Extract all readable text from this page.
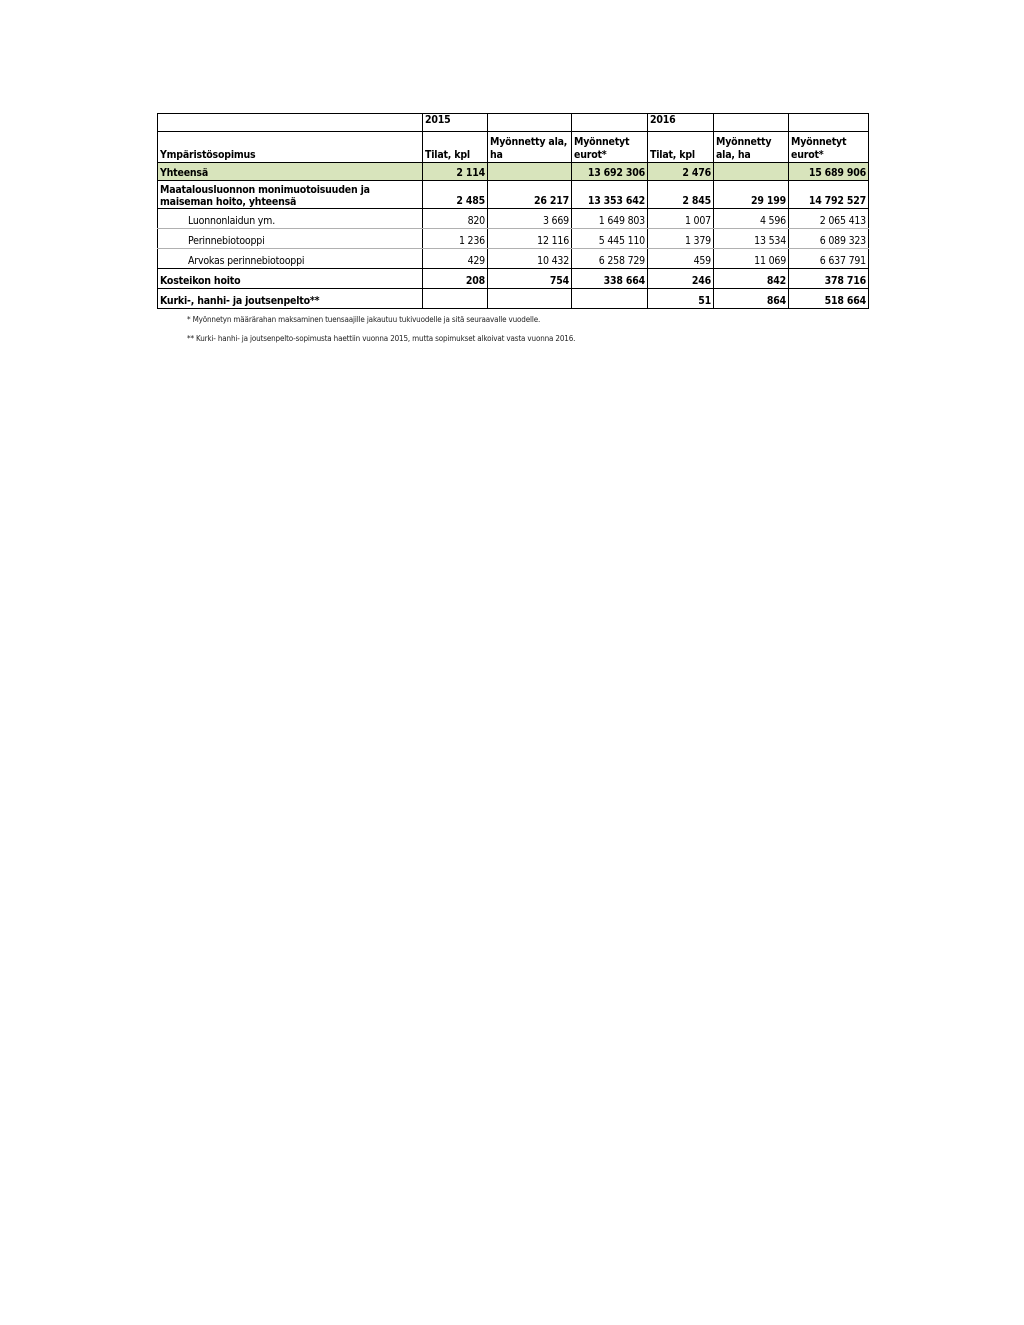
	2015			2016		
Ympäristösopimus	Tilat, kpl	Myönnetty ala, ha	Myönnetyt eurot*	Tilat, kpl	Myönnetty ala, ha	Myönnetyt eurot*
Yhteensä	2 114		13 692 306	2 476		15 689 906
Maatalousluonnon monimuotoisuuden ja maiseman hoito, yhteensä	2 485	26 217	13 353 642	2 845	29 199	14 792 527
Luonnonlaidun ym.	820	3 669	1 649 803	1 007	4 596	2 065 413
Perinnebiotooppi	1 236	12 116	5 445 110	1 379	13 534	6 089 323
Arvokas perinnebiotooppi	429	10 432	6 258 729	459	11 069	6 637 791
Kosteikon hoito	208	754	338 664	246	842	378 716
Kurki-, hanhi- ja joutsenpelto**				51	864	518 664
* Myönnetyn määrärahan maksaminen tuensaajille jakautuu tukivuodelle ja sitä seuraavalle vuodelle.
** Kurki- hanhi- ja joutsenpelto-sopimusta haettiin vuonna 2015, mutta sopimukset alkoivat vasta vuonna 2016.
